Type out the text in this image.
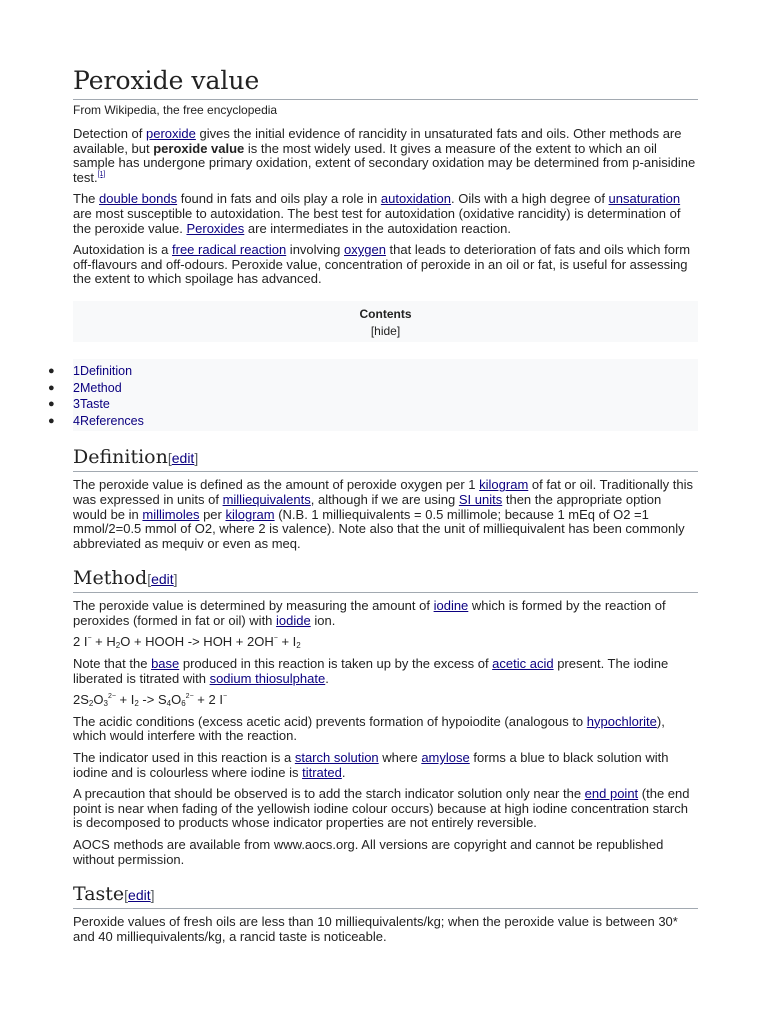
Peroxide value
From Wikipedia, the free encyclopedia

Detection of peroxide gives the initial evidence of rancidity in unsaturated fats and oils. Other methods are available, but peroxide value is the most widely used. It gives a measure of the extent to which an oil sample has undergone primary oxidation, extent of secondary oxidation may be determined from p-anisidine test.[1]

The double bonds found in fats and oils play a role in autoxidation. Oils with a high degree of unsaturation are most susceptible to autoxidation. The best test for autoxidation (oxidative rancidity) is determination of the peroxide value. Peroxides are intermediates in the autoxidation reaction.

Autoxidation is a free radical reaction involving oxygen that leads to deterioration of fats and oils which form off-flavours and off-odours. Peroxide value, concentration of peroxide in an oil or fat, is useful for assessing the extent to which spoilage has advanced.

Contents
[hide]
● 1Definition
● 2Method
● 3Taste
● 4References
Definition[edit]

The peroxide value is defined as the amount of peroxide oxygen per 1 kilogram of fat or oil. Traditionally this was expressed in units of milliequivalents, although if we are using SI units then the appropriate option would be in millimoles per kilogram (N.B. 1 milliequivalents = 0.5 millimole; because 1 mEq of O2 =1 mmol/2=0.5 mmol of O2, where 2 is valence). Note also that the unit of milliequivalent has been commonly abbreviated as mequiv or even as meq.

Method[edit]

The peroxide value is determined by measuring the amount of iodine which is formed by the reaction of peroxides (formed in fat or oil) with iodide ion.

2 $I^- + H_2O$ + HOOH -> HOH + $2OH^- + I_2$

Note that the base produced in this reaction is taken up by the excess of acetic acid present. The iodine liberated is titrated with sodium thiosulphate.

$2S_2O_3^{2-} + I_2 -> S_4O_6^{2-} + 2$ I−

The acidic conditions (excess acetic acid) prevents formation of hypoiodite (analogous to hypochlorite), which would interfere with the reaction.

The indicator used in this reaction is a starch solution where amylose forms a blue to black solution with iodine and is colourless where iodine is titrated.

A precaution that should be observed is to add the starch indicator solution only near the end point (the end point is near when fading of the yellowish iodine colour occurs) because at high iodine concentration starch is decomposed to products whose indicator properties are not entirely reversible.

AOCS methods are available from www.aocs.org. All versions are copyright and cannot be republished without permission.

Taste[edit]

Peroxide values of fresh oils are less than 10 milliequivalents/kg; when the peroxide value is between 30* and 40 milliequivalents/kg, a rancid taste is noticeable.
